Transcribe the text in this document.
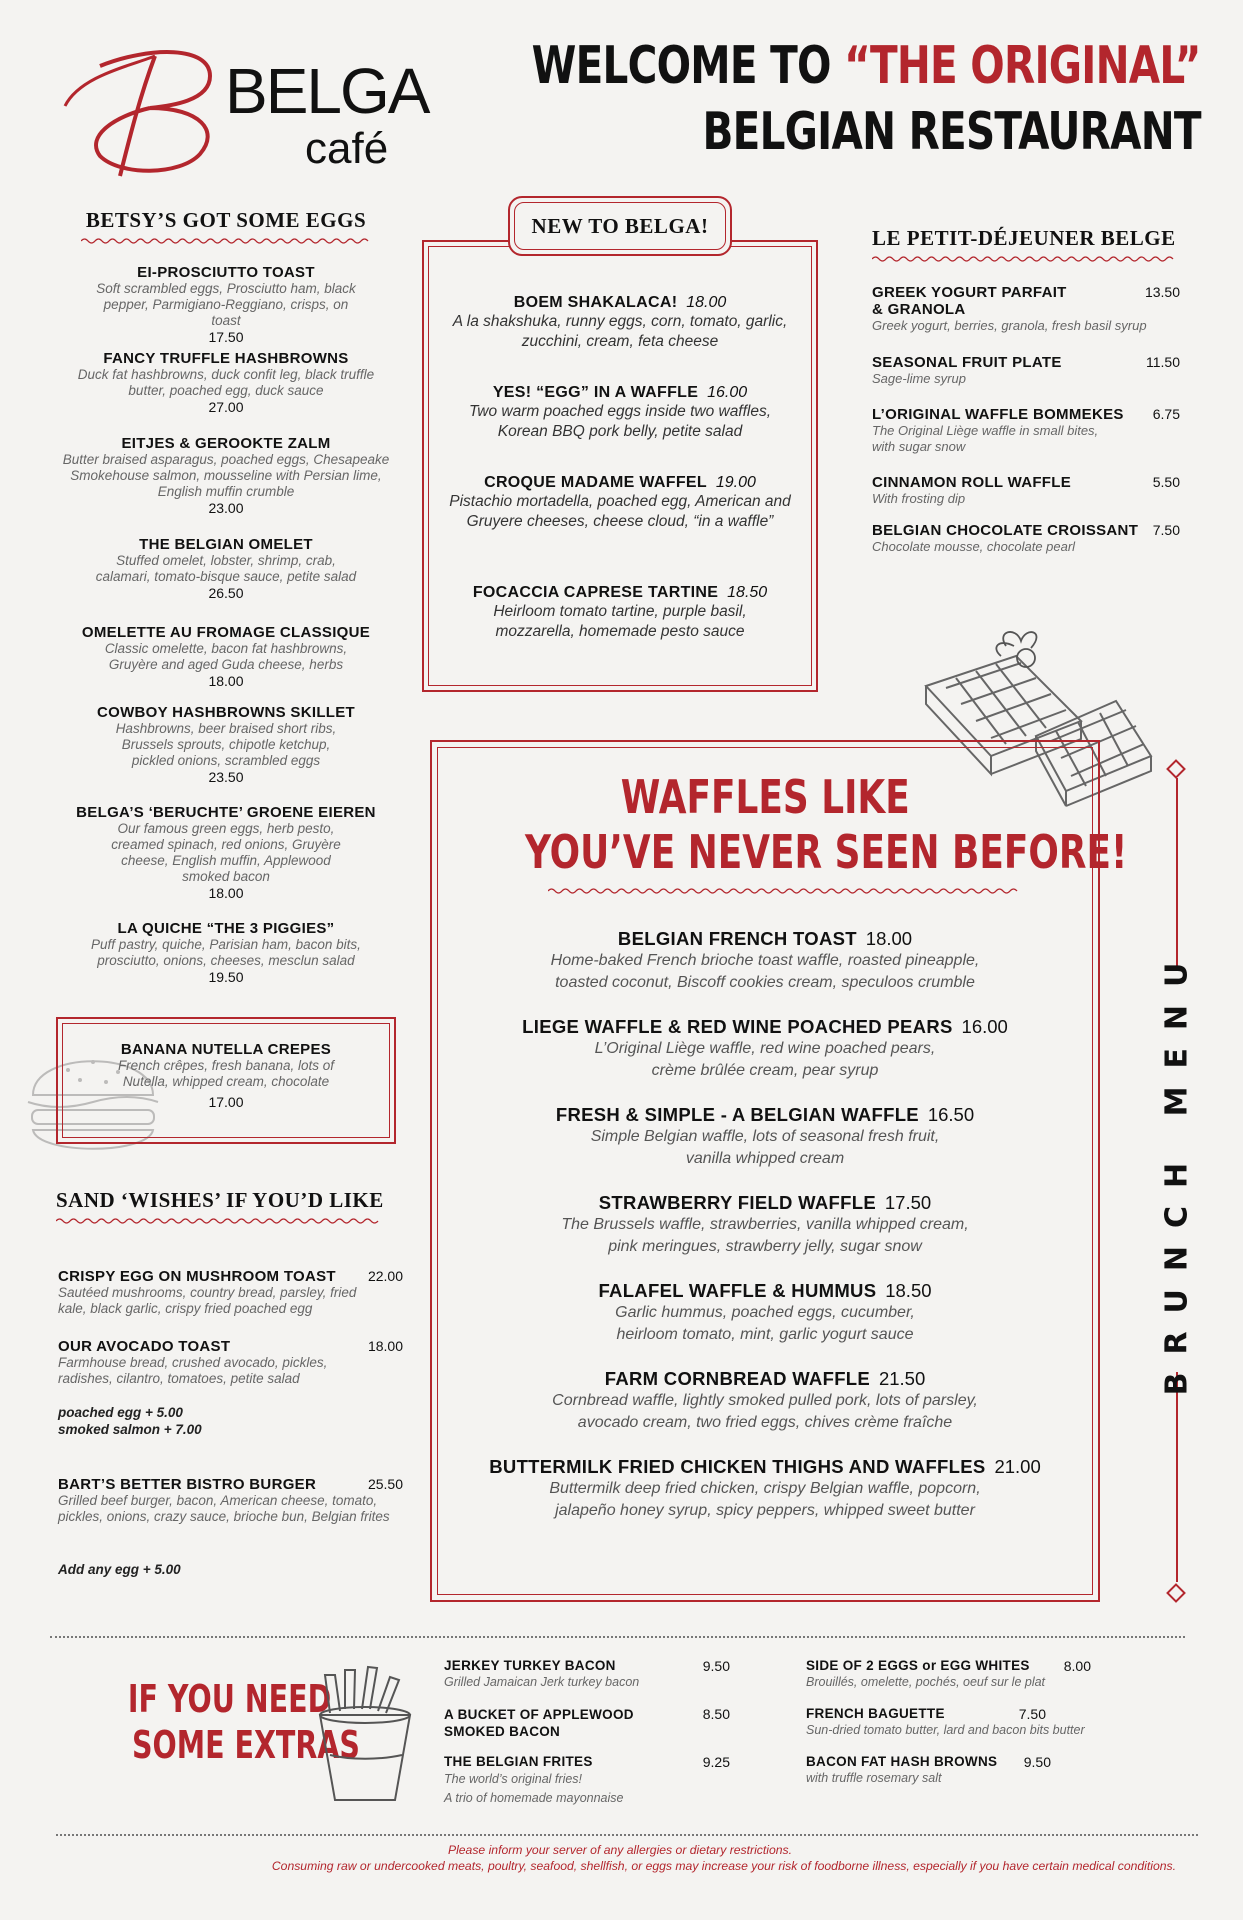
BELGA
café
WELCOME TO “THE ORIGINAL”
BELGIAN RESTAURANT
BETSY’S GOT SOME EGGS
EI-PROSCIUTTO TOAST
Soft scrambled eggs, Prosciutto ham, black pepper, Parmigiano-Reggiano, crisps, on toast
17.50
FANCY TRUFFLE HASHBROWNS
Duck fat hashbrowns, duck confit leg, black truffle butter, poached egg, duck sauce
27.00
EITJES & GEROOKTE ZALM
Butter braised asparagus, poached eggs, Chesapeake Smokehouse salmon, mousseline with Persian lime, English muffin crumble
23.00
THE BELGIAN OMELET
Stuffed omelet, lobster, shrimp, crab, calamari, tomato-bisque sauce, petite salad
26.50
OMELETTE AU FROMAGE CLASSIQUE
Classic omelette, bacon fat hashbrowns, Gruyère and aged Guda cheese, herbs
18.00
COWBOY HASHBROWNS SKILLET
Hashbrowns, beer braised short ribs, Brussels sprouts, chipotle ketchup, pickled onions, scrambled eggs
23.50
BELGA’S ‘BERUCHTE’ GROENE EIEREN
Our famous green eggs, herb pesto, creamed spinach, red onions, Gruyère cheese, English muffin, Applewood smoked bacon
18.00
LA QUICHE “THE 3 PIGGIES”
Puff pastry, quiche, Parisian ham, bacon bits, prosciutto, onions, cheeses, mesclun salad
19.50
BANANA NUTELLA CREPES
French crêpes, fresh banana, lots of Nutella, whipped cream, chocolate
17.00
SAND ‘WISHES’ IF YOU’D LIKE
CRISPY EGG ON MUSHROOM TOAST 22.00
Sautéed mushrooms, country bread, parsley, fried kale, black garlic, crispy fried poached egg
OUR AVOCADO TOAST	18.00
Farmhouse bread, crushed avocado, pickles, radishes, cilantro, tomatoes, petite salad
poached egg + 5.00
smoked salmon + 7.00
BART’S BETTER BISTRO BURGER	25.50
Grilled beef burger, bacon, American cheese, tomato, pickles, onions, crazy sauce, brioche bun, Belgian frites
Add any egg + 5.00
NEW TO BELGA!
BOEM SHAKALACA! 18.00
A la shakshuka, runny eggs, corn, tomato, garlic, zucchini, cream, feta cheese
YES! “EGG” IN A WAFFLE 16.00
Two warm poached eggs inside two waffles, Korean BBQ pork belly, petite salad
CROQUE MADAME WAFFEL 19.00
Pistachio mortadella, poached egg, American and Gruyere cheeses, cheese cloud, “in a waffle”
FOCACCIA CAPRESE TARTINE 18.50
Heirloom tomato tartine, purple basil, mozzarella, homemade pesto sauce
LE PETIT-DÉJEUNER BELGE
GREEK YOGURT PARFAIT & GRANOLA
13.50
Greek yogurt, berries, granola, fresh basil syrup
SEASONAL FRUIT PLATE	11.50
Sage-lime syrup
L’ORIGINAL WAFFLE BOMMEKES 6.75
The Original Liège waffle in small bites, with sugar snow
CINNAMON ROLL WAFFLE	5.50
With frosting dip
BELGIAN CHOCOLATE CROISSANT 7.50
Chocolate mousse, chocolate pearl
WAFFLES LIKE
YOU’VE NEVER SEEN BEFORE!
BELGIAN FRENCH TOAST 18.00
Home-baked French brioche toast waffle, roasted pineapple,
toasted coconut, Biscoff cookies cream, speculoos crumble
LIEGE WAFFLE & RED WINE POACHED PEARS 16.00
L’Original Liège waffle, red wine poached pears,
crème brûlée cream, pear syrup
FRESH & SIMPLE - A BELGIAN WAFFLE 16.50
Simple Belgian waffle, lots of seasonal fresh fruit,
vanilla whipped cream
STRAWBERRY FIELD WAFFLE 17.50
The Brussels waffle, strawberries, vanilla whipped cream,
pink meringues, strawberry jelly, sugar snow
FALAFEL WAFFLE & HUMMUS 18.50
Garlic hummus, poached eggs, cucumber,
heirloom tomato, mint, garlic yogurt sauce
FARM CORNBREAD WAFFLE 21.50
Cornbread waffle, lightly smoked pulled pork, lots of parsley,
avocado cream, two fried eggs, chives crème fraîche
BUTTERMILK FRIED CHICKEN THIGHS AND WAFFLES 21.00
Buttermilk deep fried chicken, crispy Belgian waffle, popcorn,
jalapeño honey syrup, spicy peppers, whipped sweet butter
BRUNCH MENU
IF YOU NEED
SOME EXTRAS
JERKEY TURKEY BACON	9.50
Grilled Jamaican Jerk turkey bacon
A BUCKET OF APPLEWOOD SMOKED BACON
8.50
THE BELGIAN FRITES	9.25
The world’s original fries!
A trio of homemade mayonnaise
SIDE OF 2 EGGS or EGG WHITES 8.00
Brouillés, omelette, pochés, oeuf sur le plat
FRENCH BAGUETTE	7.50
Sun-dried tomato butter, lard and bacon bits butter
BACON FAT HASH BROWNS 9.50
with truffle rosemary salt
Please inform your server of any allergies or dietary restrictions.
Consuming raw or undercooked meats, poultry, seafood, shellfish, or eggs may increase your risk of foodborne illness, especially if you have certain medical conditions.
